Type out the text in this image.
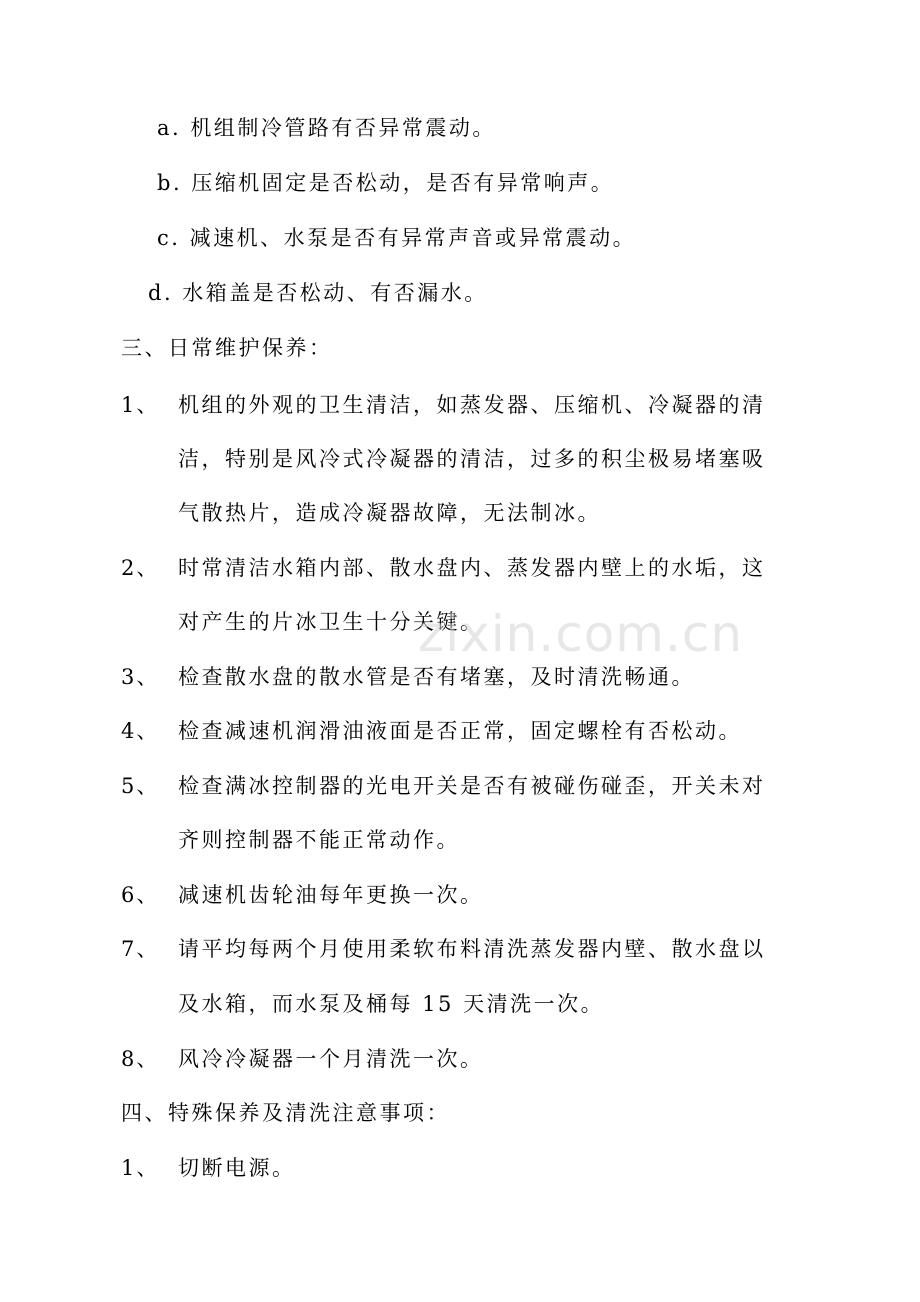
a. 机组制冷管路有否异常震动。
b. 压缩机固定是否松动，是否有异常响声。
c. 减速机、水泵是否有异常声音或异常震动。
d. 水箱盖是否松动、有否漏水。
三、日常维护保养：
1、 机组的外观的卫生清洁，如蒸发器、压缩机、冷凝器的清
洁，特别是风冷式冷凝器的清洁，过多的积尘极易堵塞吸
气散热片，造成冷凝器故障，无法制冰。
2、 时常清洁水箱内部、散水盘内、蒸发器内壁上的水垢，这
对产生的片冰卫生十分关键。
3、 检查散水盘的散水管是否有堵塞，及时清洗畅通。
4、 检查减速机润滑油液面是否正常，固定螺栓有否松动。
5、 检查满冰控制器的光电开关是否有被碰伤碰歪，开关未对
齐则控制器不能正常动作。
6、 减速机齿轮油每年更换一次。
7、 请平均每两个月使用柔软布料清洗蒸发器内壁、散水盘以
及水箱，而水泵及桶每 15 天清洗一次。
8、 风冷冷凝器一个月清洗一次。
四、特殊保养及清洗注意事项：
1、 切断电源。
zixin.com.cn
